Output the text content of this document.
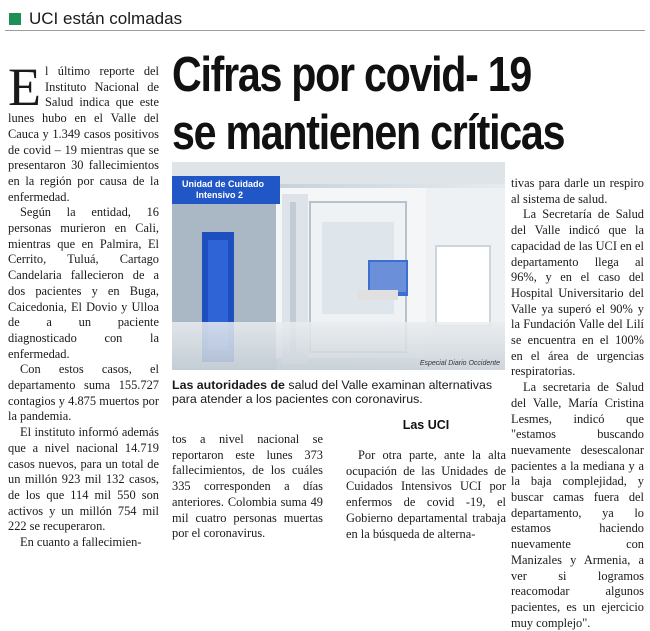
UCI están colmadas
E l último reporte del Instituto Nacional de Salud indica que este lunes hubo en el Valle del Cauca y 1.349 casos positivos de covid – 19 mientras que se presentaron 30 fallecimientos en la región por causa de la enfermedad.

Según la entidad, 16 personas murieron en Cali, mientras que en Palmira, El Cerrito, Tuluá, Cartago Candelaria fallecieron de a dos pacientes y en Buga, Caicedonia, El Dovio y Ulloa de a un paciente diagnosticado con la enfermedad.

Con estos casos, el departamento suma 155.727 contagios y 4.875 muertos por la pandemia.

El instituto informó además que a nivel nacional 14.719 casos nuevos, para un total de un millón 923 mil 132 casos, de los que 114 mil 550 son activos y un millón 754 mil 222 se recuperaron.

En cuanto a fallecimien-

Cifras por covid- 19
se mantienen críticas
Unidad de Cuidado
Intensivo 2
Especial Diario Occidente
Las autoridades de salud del Valle examinan alternativas para atender a los pacientes con coronavirus.

tos a nivel nacional se reportaron este lunes 373 fallecimientos, de los cuáles 335 corresponden a días anteriores. Colombia suma 49 mil cuatro personas muertas por el coronavirus.

Las UCI

Por otra parte, ante la alta ocupación de las Unidades de Cuidados Intensivos UCI por enfermos de covid -19, el Gobierno departamental trabaja en la búsqueda de alterna-

tivas para darle un respiro al sistema de salud.

La Secretaría de Salud del Valle indicó que la capacidad de las UCI en el departamento llega al 96%, y en el caso del Hospital Universitario del Valle ya superó el 90% y la Fundación Valle del Lilí se encuentra en el 100% en el área de urgencias respiratorias.

La secretaria de Salud del Valle, María Cristina Lesmes, indicó que "estamos buscando nuevamente desescalonar pacientes a la mediana y a la baja complejidad, y buscar camas fuera del departamento, ya lo estamos haciendo nuevamente con Manizales y Armenia, a ver si logramos reacomodar algunos pacientes, es un ejercicio muy complejo".
